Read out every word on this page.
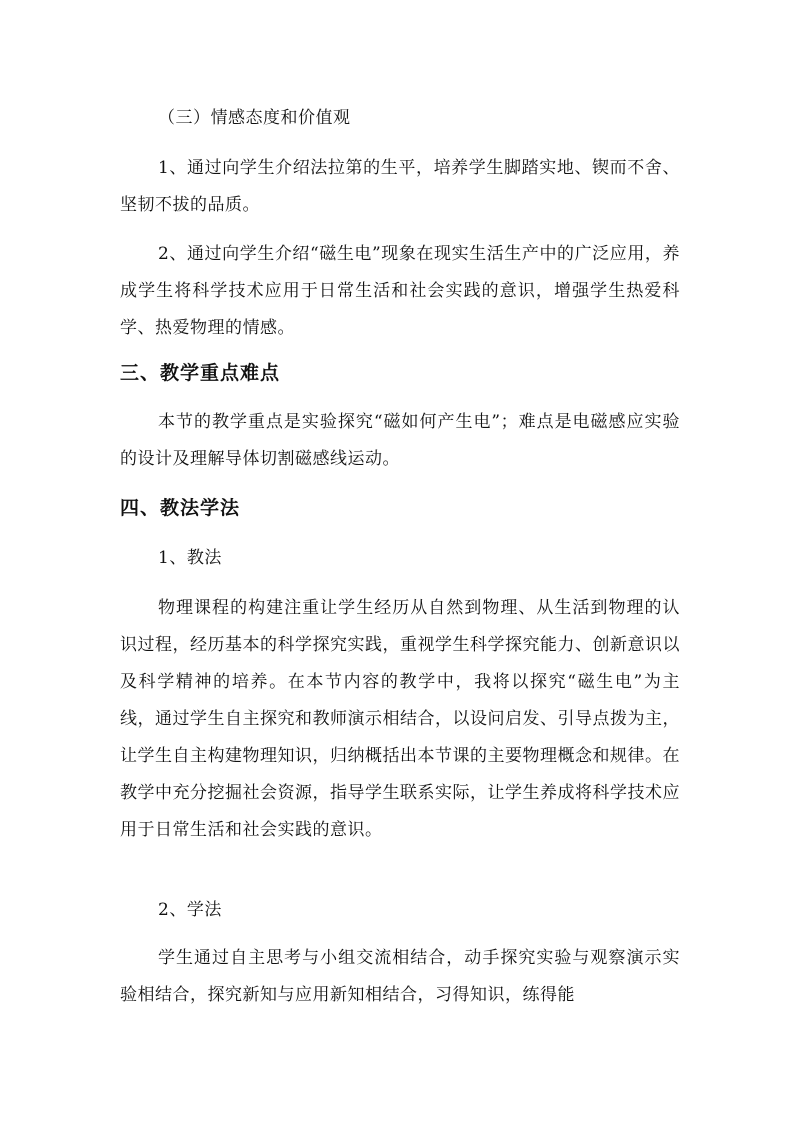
（三）情感态度和价值观

1、通过向学生介绍法拉第的生平，培养学生脚踏实地、锲而不舍、坚韧不拔的品质。

2、通过向学生介绍“磁生电”现象在现实生活生产中的广泛应用，养成学生将科学技术应用于日常生活和社会实践的意识，增强学生热爱科学、热爱物理的情感。

三、教学重点难点

本节的教学重点是实验探究“磁如何产生电”；难点是电磁感应实验的设计及理解导体切割磁感线运动。

四、教法学法

1、教法

物理课程的构建注重让学生经历从自然到物理、从生活到物理的认识过程，经历基本的科学探究实践，重视学生科学探究能力、创新意识以及科学精神的培养。在本节内容的教学中，我将以探究“磁生电”为主线，通过学生自主探究和教师演示相结合，以设问启发、引导点拨为主，让学生自主构建物理知识，归纳概括出本节课的主要物理概念和规律。在教学中充分挖掘社会资源，指导学生联系实际，让学生养成将科学技术应用于日常生活和社会实践的意识。

2、学法

学生通过自主思考与小组交流相结合，动手探究实验与观察演示实验相结合，探究新知与应用新知相结合，习得知识，练得能
